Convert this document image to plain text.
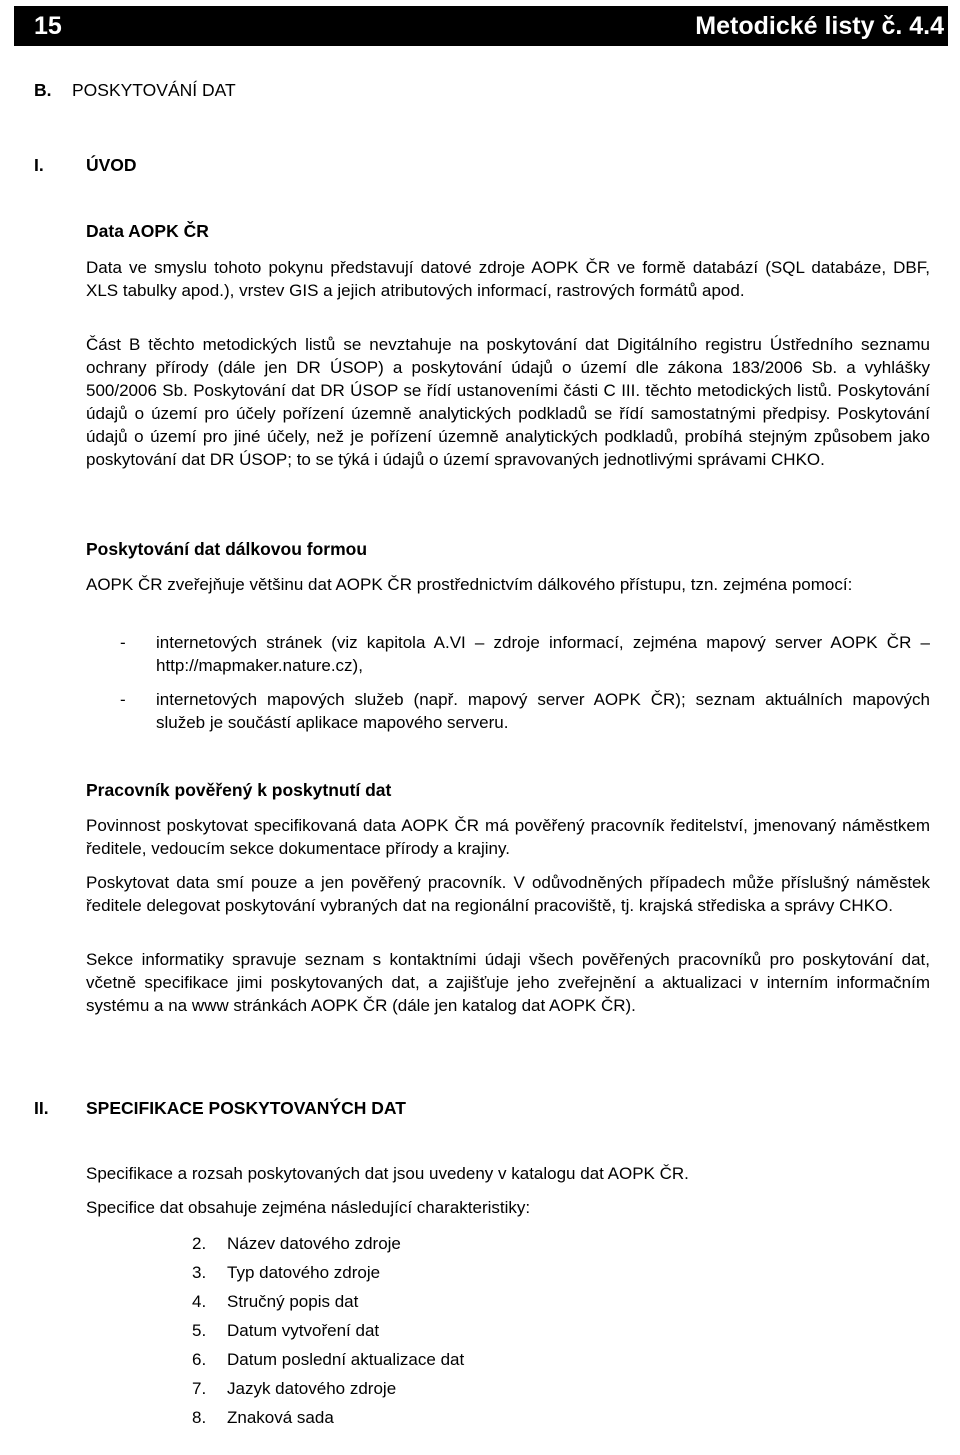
15	Metodické listy č. 4.4
B. POSKYTOVÁNÍ DAT
I. ÚVOD
Data AOPK ČR
Data ve smyslu tohoto pokynu představují datové zdroje AOPK ČR ve formě databází (SQL databáze, DBF, XLS tabulky apod.), vrstev GIS a jejich atributových informací, rastrových formátů apod.
Část B těchto metodických listů se nevztahuje na poskytování dat Digitálního registru Ústředního seznamu ochrany přírody (dále jen DR ÚSOP) a poskytování údajů o území dle zákona 183/2006 Sb. a vyhlášky 500/2006 Sb. Poskytování dat DR ÚSOP se řídí ustanoveními části C III. těchto metodických listů. Poskytování údajů o území pro účely pořízení územně analytických podkladů se řídí samostatnými předpisy. Poskytování údajů o území pro jiné účely, než je pořízení územně analytických podkladů, probíhá stejným způsobem jako poskytování dat DR ÚSOP; to se týká i údajů o území spravovaných jednotlivými správami CHKO.
Poskytování dat dálkovou formou
AOPK ČR zveřejňuje většinu dat AOPK ČR prostřednictvím dálkového přístupu, tzn. zejména pomocí:
-	internetových stránek (viz kapitola A.VI – zdroje informací, zejména mapový server AOPK ČR – http://mapmaker.nature.cz),
-	internetových mapových služeb (např. mapový server AOPK ČR); seznam aktuálních mapových služeb je součástí aplikace mapového serveru.
Pracovník pověřený k poskytnutí dat
Povinnost poskytovat specifikovaná data AOPK ČR má pověřený pracovník ředitelství, jmenovaný náměstkem ředitele, vedoucím sekce dokumentace přírody a krajiny.
Poskytovat data smí pouze a jen pověřený pracovník. V odůvodněných případech může příslušný náměstek ředitele delegovat poskytování vybraných dat na regionální pracoviště, tj. krajská střediska a správy CHKO.
Sekce informatiky spravuje seznam s kontaktními údaji všech pověřených pracovníků pro poskytování dat, včetně specifikace jimi poskytovaných dat, a zajišťuje jeho zveřejnění a aktualizaci v interním informačním systému a na www stránkách AOPK ČR (dále jen katalog dat AOPK ČR).
II. SPECIFIKACE POSKYTOVANÝCH DAT
Specifikace a rozsah poskytovaných dat jsou uvedeny v katalogu dat AOPK ČR.
Specifice dat obsahuje zejména následující charakteristiky:
2.	Název datového zdroje
3.	Typ datového zdroje
4.	Stručný popis dat
5.	Datum vytvoření dat
6.	Datum poslední aktualizace dat
7.	Jazyk datového zdroje
8.	Znaková sada
